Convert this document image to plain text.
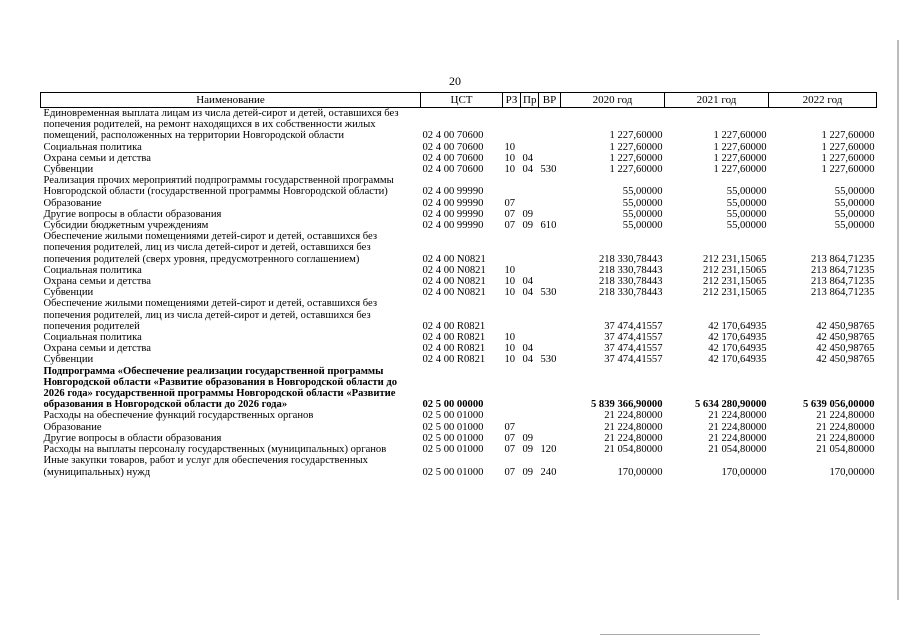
20
Наименование	ЦСТ	РЗ	Пр	ВР	2020 год	2021 год	2022 год
Единовременная выплата лицам из числа детей-сирот и детей, оставшихся без попечения родителей, на ремонт находящихся в их собственности жилых помещений, расположенных на территории Новгородской области	02 4 00 70600				1 227,60000	1 227,60000	1 227,60000
Социальная политика	02 4 00 70600	10			1 227,60000	1 227,60000	1 227,60000
Охрана семьи и детства	02 4 00 70600	10	04		1 227,60000	1 227,60000	1 227,60000
Субвенции	02 4 00 70600	10	04	530	1 227,60000	1 227,60000	1 227,60000
Реализация прочих мероприятий подпрограммы государственной программы Новгородской области (государственной программы Новгородской области)	02 4 00 99990				55,00000	55,00000	55,00000
Образование	02 4 00 99990	07			55,00000	55,00000	55,00000
Другие вопросы в области образования	02 4 00 99990	07	09		55,00000	55,00000	55,00000
Субсидии бюджетным учреждениям	02 4 00 99990	07	09	610	55,00000	55,00000	55,00000
Обеспечение жилыми помещениями детей-сирот и детей, оставшихся без попечения родителей, лиц из числа детей-сирот и детей, оставшихся без попечения родителей (сверх уровня, предусмотренного соглашением)	02 4 00 N0821				218 330,78443	212 231,15065	213 864,71235
Социальная политика	02 4 00 N0821	10			218 330,78443	212 231,15065	213 864,71235
Охрана семьи и детства	02 4 00 N0821	10	04		218 330,78443	212 231,15065	213 864,71235
Субвенции	02 4 00 N0821	10	04	530	218 330,78443	212 231,15065	213 864,71235
Обеспечение жилыми помещениями детей-сирот и детей, оставшихся без попечения родителей, лиц из числа детей-сирот и детей, оставшихся без попечения родителей	02 4 00 R0821				37 474,41557	42 170,64935	42 450,98765
Социальная политика	02 4 00 R0821	10			37 474,41557	42 170,64935	42 450,98765
Охрана семьи и детства	02 4 00 R0821	10	04		37 474,41557	42 170,64935	42 450,98765
Субвенции	02 4 00 R0821	10	04	530	37 474,41557	42 170,64935	42 450,98765
Подпрограмма «Обеспечение реализации государственной программы Новгородской области «Развитие образования в Новгородской области до 2026 года» государственной программы Новгородской области «Развитие образования в Новгородской области до 2026 года»	02 5 00 00000				5 839 366,90000	5 634 280,90000	5 639 056,00000
Расходы на обеспечение функций государственных органов	02 5 00 01000				21 224,80000	21 224,80000	21 224,80000
Образование	02 5 00 01000	07			21 224,80000	21 224,80000	21 224,80000
Другие вопросы в области образования	02 5 00 01000	07	09		21 224,80000	21 224,80000	21 224,80000
Расходы на выплаты персоналу государственных (муниципальных) органов	02 5 00 01000	07	09	120	21 054,80000	21 054,80000	21 054,80000
Иные закупки товаров, работ и услуг для обеспечения государственных (муниципальных) нужд	02 5 00 01000	07	09	240	170,00000	170,00000	170,00000
